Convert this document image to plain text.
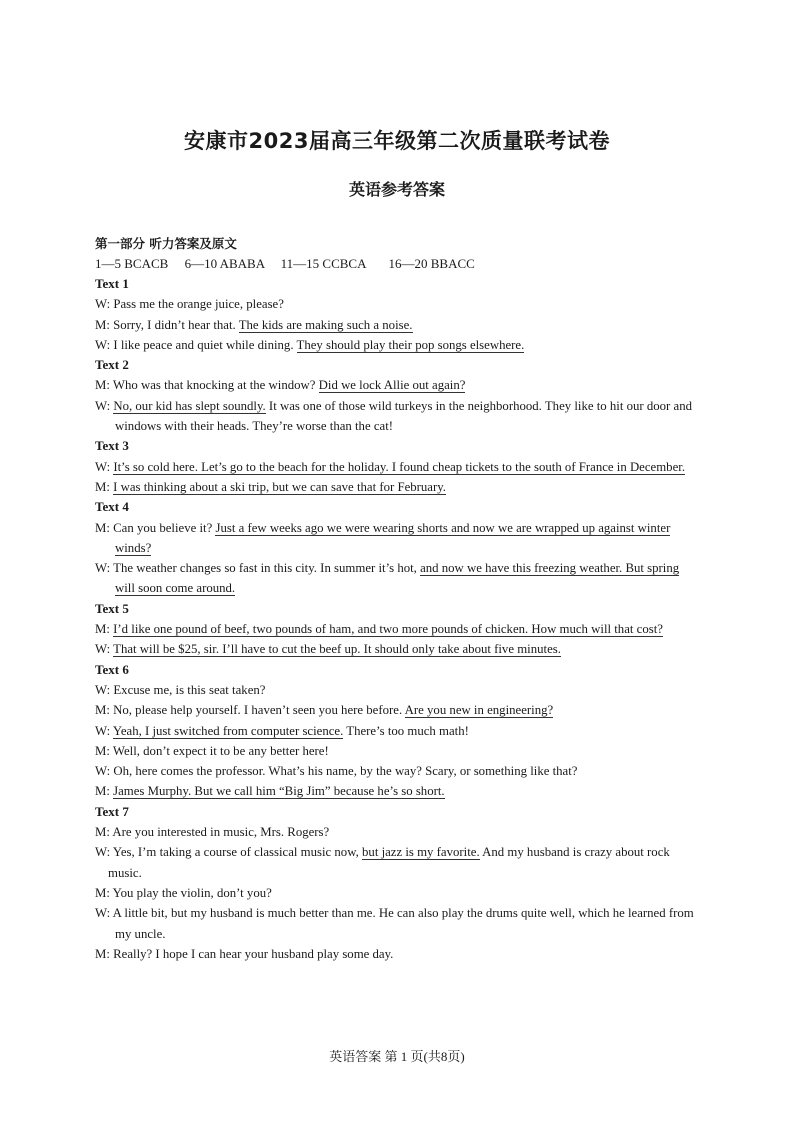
安康市2023届高三年级第二次质量联考试卷
英语参考答案
第一部分 听力答案及原文
1—5 BCACB     6—10 ABABA     11—15 CCBCA       16—20 BBACC
Text 1
W: Pass me the orange juice, please?
M: Sorry, I didn’t hear that. The kids are making such a noise.
W: I like peace and quiet while dining. They should play their pop songs elsewhere.
Text 2
M: Who was that knocking at the window? Did we lock Allie out again?
W: No, our kid has slept soundly. It was one of those wild turkeys in the neighborhood. They like to hit our door and windows with their heads. They’re worse than the cat!
Text 3
W: It’s so cold here. Let’s go to the beach for the holiday. I found cheap tickets to the south of France in December.
M: I was thinking about a ski trip, but we can save that for February.
Text 4
M: Can you believe it? Just a few weeks ago we were wearing shorts and now we are wrapped up against winter winds?
W: The weather changes so fast in this city. In summer it’s hot, and now we have this freezing weather. But spring will soon come around.
Text 5
M: I’d like one pound of beef, two pounds of ham, and two more pounds of chicken. How much will that cost?
W: That will be $25, sir. I’ll have to cut the beef up. It should only take about five minutes.
Text 6
W: Excuse me, is this seat taken?
M: No, please help yourself. I haven’t seen you here before. Are you new in engineering?
W: Yeah, I just switched from computer science. There’s too much math!
M: Well, don’t expect it to be any better here!
W: Oh, here comes the professor. What’s his name, by the way? Scary, or something like that?
M: James Murphy. But we call him “Big Jim” because he’s so short.
Text 7
M: Are you interested in music, Mrs. Rogers?
W: Yes, I’m taking a course of classical music now, but jazz is my favorite. And my husband is crazy about rock music.
M: You play the violin, don’t you?
W: A little bit, but my husband is much better than me. He can also play the drums quite well, which he learned from my uncle.
M: Really? I hope I can hear your husband play some day.
英语答案 第 1 页(共8页)
